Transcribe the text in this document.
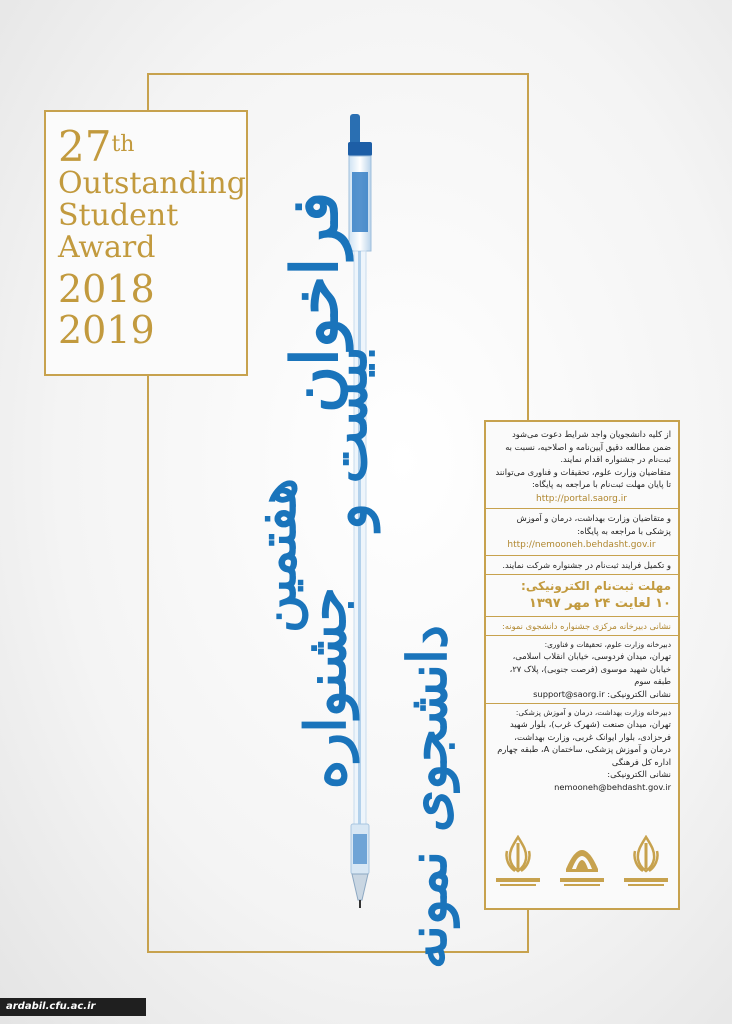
27th
Outstanding
Student
Award
2018
2019	فراخوان
بیست و
هفتمین
جشنواره دانشجوی نمونه

از کلیه دانشجویان واجد شرایط دعوت می‌شود ضمن مطالعه دقیق آیین‌نامه و اصلاحیه، نسبت به ثبت‌نام در جشنواره اقدام نمایند.

متقاضیان وزارت علوم، تحقیقات و فناوری می‌توانند تا پایان مهلت ثبت‌نام با مراجعه به پایگاه:

http://portal.saorg.ir

و متقاضیان وزارت بهداشت، درمان و آموزش پزشکی با مراجعه به پایگاه:

http://nemooneh.behdasht.gov.ir

و تکمیل فرایند ثبت‌نام در جشنواره شرکت نمایند.

مهلت ثبت‌نام الکترونیکی:

۱۰ لغایت ۲۴ مهر ۱۳۹۷

نشانی دبیرخانه مرکزی جشنواره دانشجوی نمونه:

دبیرخانه وزارت علوم، تحقیقات و فناوری:

تهران، میدان فردوسی، خیابان انقلاب اسلامی، خیابان شهید موسوی (فرصت جنوبی)، پلاک ۲۷، طبقه سوم

نشانی الکترونیکی: support@saorg.ir

دبیرخانه وزارت بهداشت، درمان و آموزش پزشکی:

تهران، میدان صنعت (شهرک غرب)، بلوار شهید فرحزادی، بلوار ایوانک غربی، وزارت بهداشت، درمان و آموزش پزشکی، ساختمان A، طبقه چهارم اداره کل فرهنگی

نشانی الکترونیکی: nemooneh@behdasht.gov.ir

ardabil.cfu.ac.ir
